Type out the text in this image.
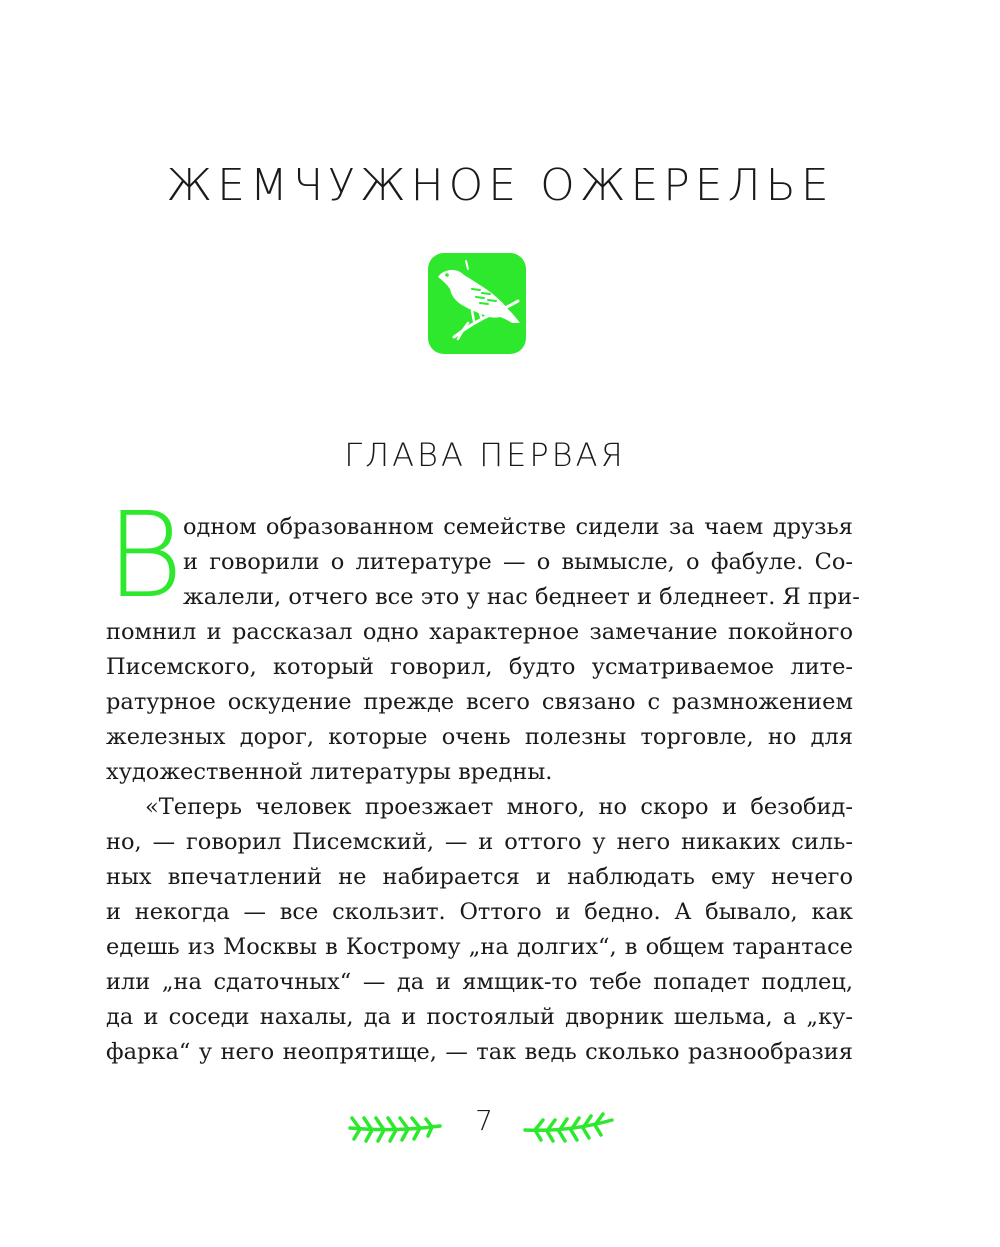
ЖЕМЧУЖНОЕ ОЖЕРЕЛЬЕ
ГЛАВА ПЕРВАЯ
В одном образованном семействе сидели за чаем друзья
и говорили о литературе — о вымысле, о фабуле. Со-
жалели, отчего все это у нас беднеет и бледнеет. Я при-
помнил и рассказал одно характерное замечание покойного
Писемского, который говорил, будто усматриваемое лите-
ратурное оскудение прежде всего связано с размножением
железных дорог, которые очень полезны торговле, но для
художественной литературы вредны.
«Теперь человек проезжает много, но скоро и безобид-
но, — говорил Писемский, — и оттого у него никаких силь-
ных впечатлений не набирается и наблюдать ему нечего
и некогда — все скользит. Оттого и бедно. А бывало, как
едешь из Москвы в Кострому „на долгих“, в общем тарантасе
или „на сдаточных“ — да и ямщик-то тебе попадет подлец,
да и соседи нахалы, да и постоялый дворник шельма, а „ку-
фарка“ у него неопрятище, — так ведь сколько разнообразия
7
